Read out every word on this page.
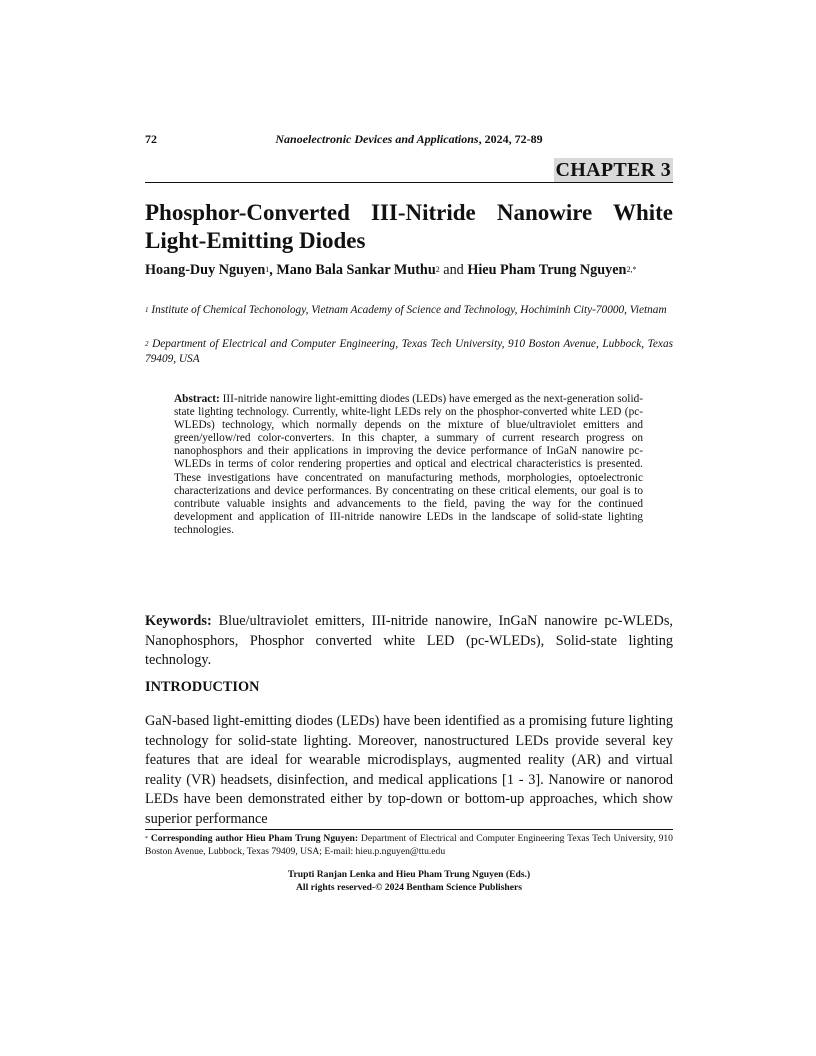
72	Nanoelectronic Devices and Applications, 2024, 72-89
CHAPTER 3
Phosphor-Converted III-Nitride Nanowire White Light-Emitting Diodes

Hoang-Duy Nguyen$^1$, Mano Bala Sankar Muthu$^2$ and Hieu Pham Trung Nguyen$^{2,*}$

$^1$ Institute of Chemical Techonology, Vietnam Academy of Science and Technology, Hochiminh City-70000, Vietnam

$^2$ Department of Electrical and Computer Engineering, Texas Tech University, 910 Boston Avenue, Lubbock, Texas 79409, USA

Abstract: III-nitride nanowire light-emitting diodes (LEDs) have emerged as the next-generation solid-state lighting technology. Currently, white-light LEDs rely on the phosphor-converted white LED (pc-WLEDs) technology, which normally depends on the mixture of blue/ultraviolet emitters and green/yellow/red color-converters. In this chapter, a summary of current research progress on nanophosphors and their applications in improving the device performance of InGaN nanowire pc-WLEDs in terms of color rendering properties and optical and electrical characteristics is presented. These investigations have concentrated on manufacturing methods, morphologies, optoelectronic characterizations and device performances. By concentrating on these critical elements, our goal is to contribute valuable insights and advancements to the field, paving the way for the continued development and application of III-nitride nanowire LEDs in the landscape of solid-state lighting technologies.

Keywords: Blue/ultraviolet emitters, III-nitride nanowire, InGaN nanowire pc-WLEDs, Nanophosphors, Phosphor converted white LED (pc-WLEDs), Solid-state lighting technology.

INTRODUCTION

GaN-based light-emitting diodes (LEDs) have been identified as a promising future lighting technology for solid-state lighting. Moreover, nanostructured LEDs provide several key features that are ideal for wearable microdisplays, augmented reality (AR) and virtual reality (VR) headsets, disinfection, and medical applications [1 - 3]. Nanowire or nanorod LEDs have been demonstrated either by top-down or bottom-up approaches, which show superior performance

* Corresponding author Hieu Pham Trung Nguyen: Department of Electrical and Computer Engineering Texas Tech University, 910 Boston Avenue, Lubbock, Texas 79409, USA; E-mail: hieu.p.nguyen@ttu.edu

Trupti Ranjan Lenka and Hieu Pham Trung Nguyen (Eds.)
All rights reserved-© 2024 Bentham Science Publishers
